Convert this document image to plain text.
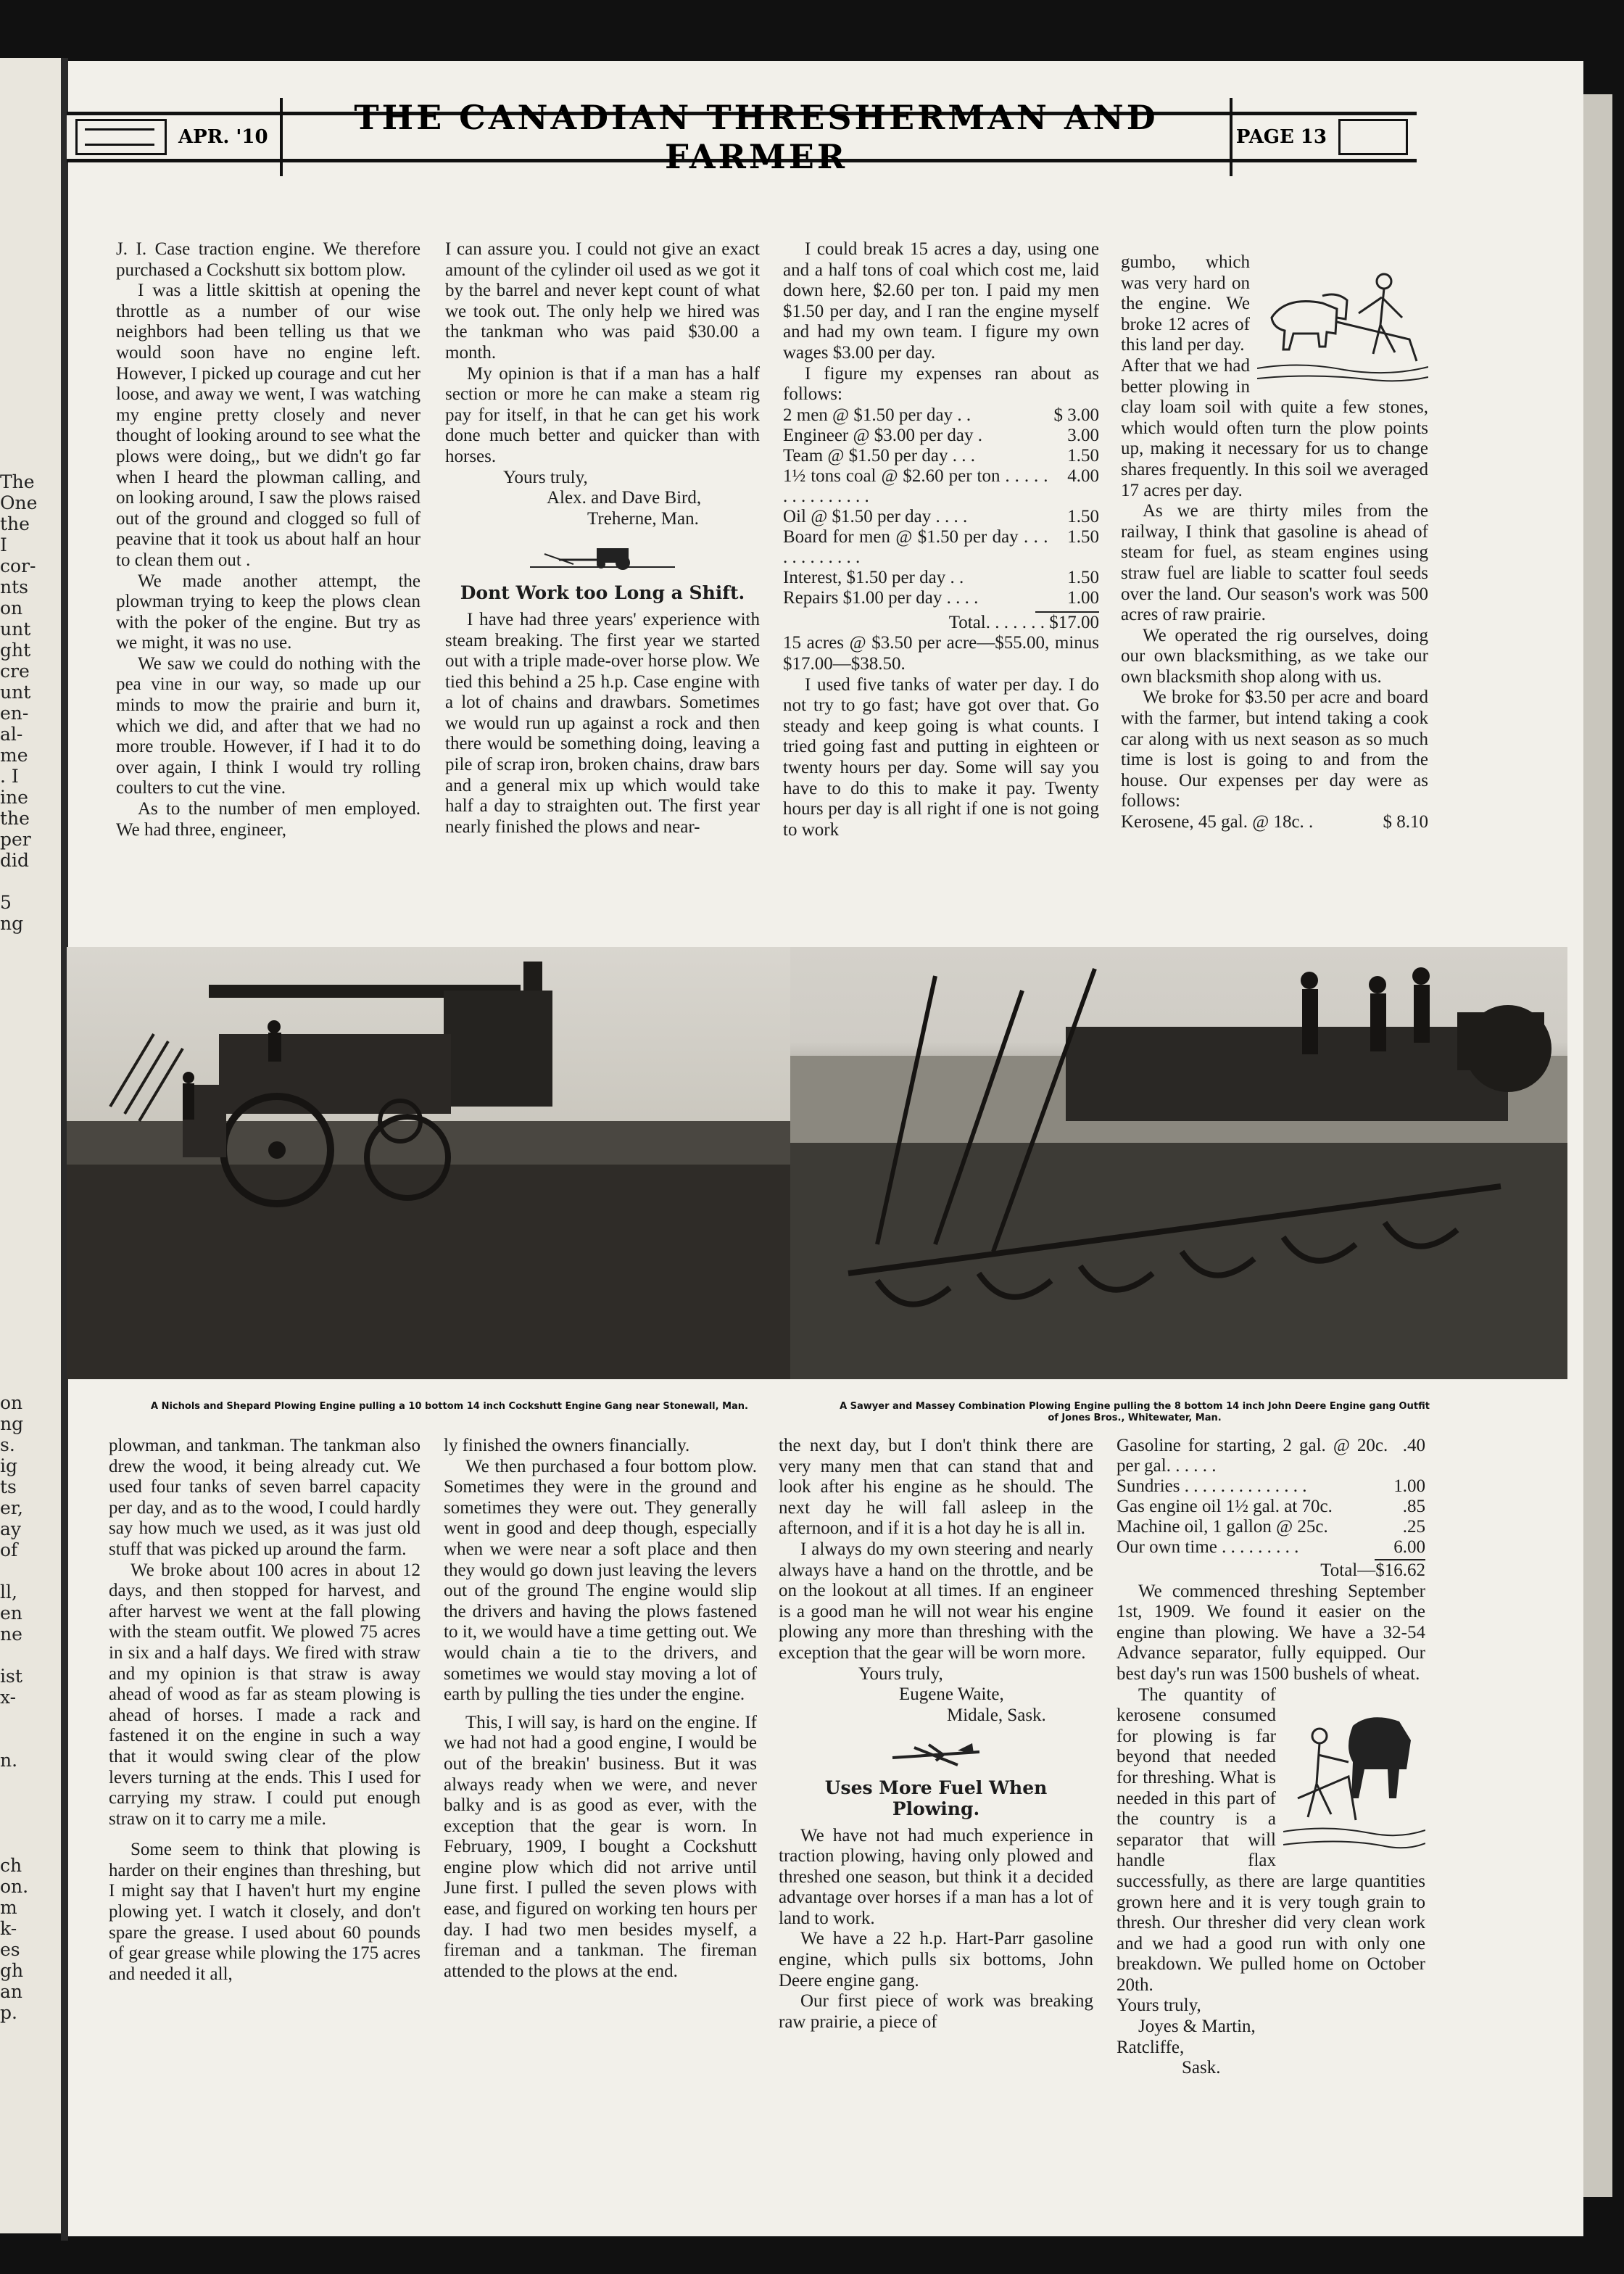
The
One
the
I
cor-
nts
on
unt
ght
cre
unt
en-
al-
me
. I
ine
the
per
did

5
ng
on
ng
s.
ig
ts
er,
ay
of

ll,
en
ne

ist
x-

n.

ch
on.
m
k-
es
gh
an
p.
APR. '10	THE CANADIAN THRESHERMAN AND FARMER	PAGE 13

J. I. Case traction engine. We therefore purchased a Cockshutt six bottom plow.

I was a little skittish at opening the throttle as a number of our wise neighbors had been telling us that we would soon have no engine left. However, I picked up courage and cut her loose, and away we went, I was watching my engine pretty closely and never thought of looking around to see what the plows were doing,, but we didn't go far when I heard the plowman calling, and on looking around, I saw the plows raised out of the ground and clogged so full of peavine that it took us about half an hour to clean them out .

We made another attempt, the plowman trying to keep the plows clean with the poker of the engine. But try as we might, it was no use.

We saw we could do nothing with the pea vine in our way, so made up our minds to mow the prairie and burn it, which we did, and after that we had no more trouble. However, if I had it to do over again, I think I would try rolling coulters to cut the vine.

As to the number of men employed. We had three, engineer,

I can assure you. I could not give an exact amount of the cylinder oil used as we got it by the barrel and never kept count of what we took out. The only help we hired was the tankman who was paid $30.00 a month.

My opinion is that if a man has a half section or more he can make a steam rig pay for itself, in that he can get his work done much better and quicker than with horses.

Yours truly,

Alex. and Dave Bird,

Treherne, Man.

Dont Work too Long a Shift.

I have had three years' experience with steam breaking. The first year we started out with a triple made-over horse plow. We tied this behind a 25 h.p. Case engine with a lot of chains and drawbars. Sometimes we would run up against a rock and then there would be something doing, leaving a pile of scrap iron, broken chains, draw bars and a general mix up which would take half a day to straighten out. The first year nearly finished the plows and near-

I could break 15 acres a day, using one and a half tons of coal which cost me, laid down here, $2.60 per ton. I paid my men $1.50 per day, and I ran the engine myself and had my own team. I figure my own wages $3.00 per day.

I figure my expenses ran about as follows:

2 men @ $1.50 per day . .	$ 3.00
Engineer @ $3.00 per day .	3.00
Team @ $1.50 per day . . .	1.50
1½ tons coal @ $2.60 per ton . . . . . . . . . . . . . . .	4.00
Oil @ $1.50 per day . . . .	1.50
Board for men @ $1.50 per day . . . . . . . . . . . .	1.50
Interest, $1.50 per day . .	1.50
Repairs $1.00 per day . . . .	1.00

Total. . . . . . . $17.00

15 acres @ $3.50 per acre—$55.00, minus $17.00—$38.50.

I used five tanks of water per day. I do not try to go fast; have got over that. Go steady and keep going is what counts. I tried going fast and putting in eighteen or twenty hours per day. Some will say you have to do this to make it pay. Twenty hours per day is all right if one is not going to work

gumbo, which was very hard on the engine. We broke 12 acres of this land per day.

After that we had better plowing in clay loam soil with quite a few stones, which would often turn the plow points up, making it necessary for us to change shares frequently. In this soil we averaged 17 acres per day.

As we are thirty miles from the railway, I think that gasoline is ahead of steam for fuel, as steam engines using straw fuel are liable to scatter foul seeds over the land. Our season's work was 500 acres of raw prairie.

We operated the rig ourselves, doing our own blacksmithing, as we take our own blacksmith shop along with us.

We broke for $3.50 per acre and board with the farmer, but intend taking a cook car along with us next season as so much time is lost is going to and from the house. Our expenses per day were as follows:

Kerosene, 45 gal. @ 18c. .	$ 8.10

A Nichols and Shepard Plowing Engine pulling a 10 bottom 14 inch Cockshutt Engine Gang near Stonewall, Man.	A Sawyer and Massey Combination Plowing Engine pulling the 8 bottom 14 inch John Deere Engine gang Outfit of Jones Bros., Whitewater, Man.

plowman, and tankman. The tankman also drew the wood, it being already cut. We used four tanks of seven barrel capacity per day, and as to the wood, I could hardly say how much we used, as it was just old stuff that was picked up around the farm.

We broke about 100 acres in about 12 days, and then stopped for harvest, and after harvest we went at the fall plowing with the steam outfit. We plowed 75 acres in six and a half days. We fired with straw and my opinion is that straw is away ahead of wood as far as steam plowing is ahead of horses. I made a rack and fastened it on the engine in such a way that it would swing clear of the plow levers turning at the ends. This I used for carrying my straw. I could put enough straw on it to carry me a mile.

Some seem to think that plowing is harder on their engines than threshing, but I might say that I haven't hurt my engine plowing yet. I watch it closely, and don't spare the grease. I used about 60 pounds of gear grease while plowing the 175 acres and needed it all,

ly finished the owners financially.

We then purchased a four bottom plow. Sometimes they were in the ground and sometimes they were out. They generally went in good and deep though, especially when we were near a soft place and then they would go down just leaving the levers out of the ground The engine would slip the drivers and having the plows fastened to it, we would have a time getting out. We would chain a tie to the drivers, and sometimes we would stay moving a lot of earth by pulling the ties under the engine.

This, I will say, is hard on the engine. If we had not had a good engine, I would be out of the breakin' business. But it was always ready when we were, and never balky and is as good as ever, with the exception that the gear is worn. In February, 1909, I bought a Cockshutt engine plow which did not arrive until June first. I pulled the seven plows with ease, and figured on working ten hours per day. I had two men besides myself, a fireman and a tankman. The fireman attended to the plows at the end.

the next day, but I don't think there are very many men that can stand that and look after his engine as he should. The next day he will fall asleep in the afternoon, and if it is a hot day he is all in.

I always do my own steering and nearly always have a hand on the throttle, and be on the lookout at all times. If an engineer is a good man he will not wear his engine plowing any more than threshing with the exception that the gear will be worn more.

Yours truly,

Eugene Waite,

Midale, Sask.

Uses More Fuel When Plowing.

We have not had much experience in traction plowing, having only plowed and threshed one season, but think it a decided advantage over horses if a man has a lot of land to work.

We have a 22 h.p. Hart-Parr gasoline engine, which pulls six bottoms, John Deere engine gang.

Our first piece of work was breaking raw prairie, a piece of

Gasoline for starting, 2 gal. @ 20c. per gal. . . . . .	.40
Sundries . . . . . . . . . . . . . .	1.00
Gas engine oil 1½ gal. at 70c.	.85
Machine oil, 1 gallon @ 25c.	.25
Our own time . . . . . . . . .	6.00

Total—$16.62

We commenced threshing September 1st, 1909. We found it easier on the engine than plowing. We have a 32-54 Advance separator, fully equipped. Our best day's run was 1500 bushels of wheat.

The quantity of kerosene consumed for plowing is far beyond that needed for threshing. What is needed in this part of the country is a separator that will handle flax successfully, as there are large quantities grown here and it is very tough grain to thresh. Our thresher did very clean work and we had a good run with only one breakdown. We pulled home on October 20th.

Yours truly,

Joyes & Martin,

Ratcliffe,

Sask.
